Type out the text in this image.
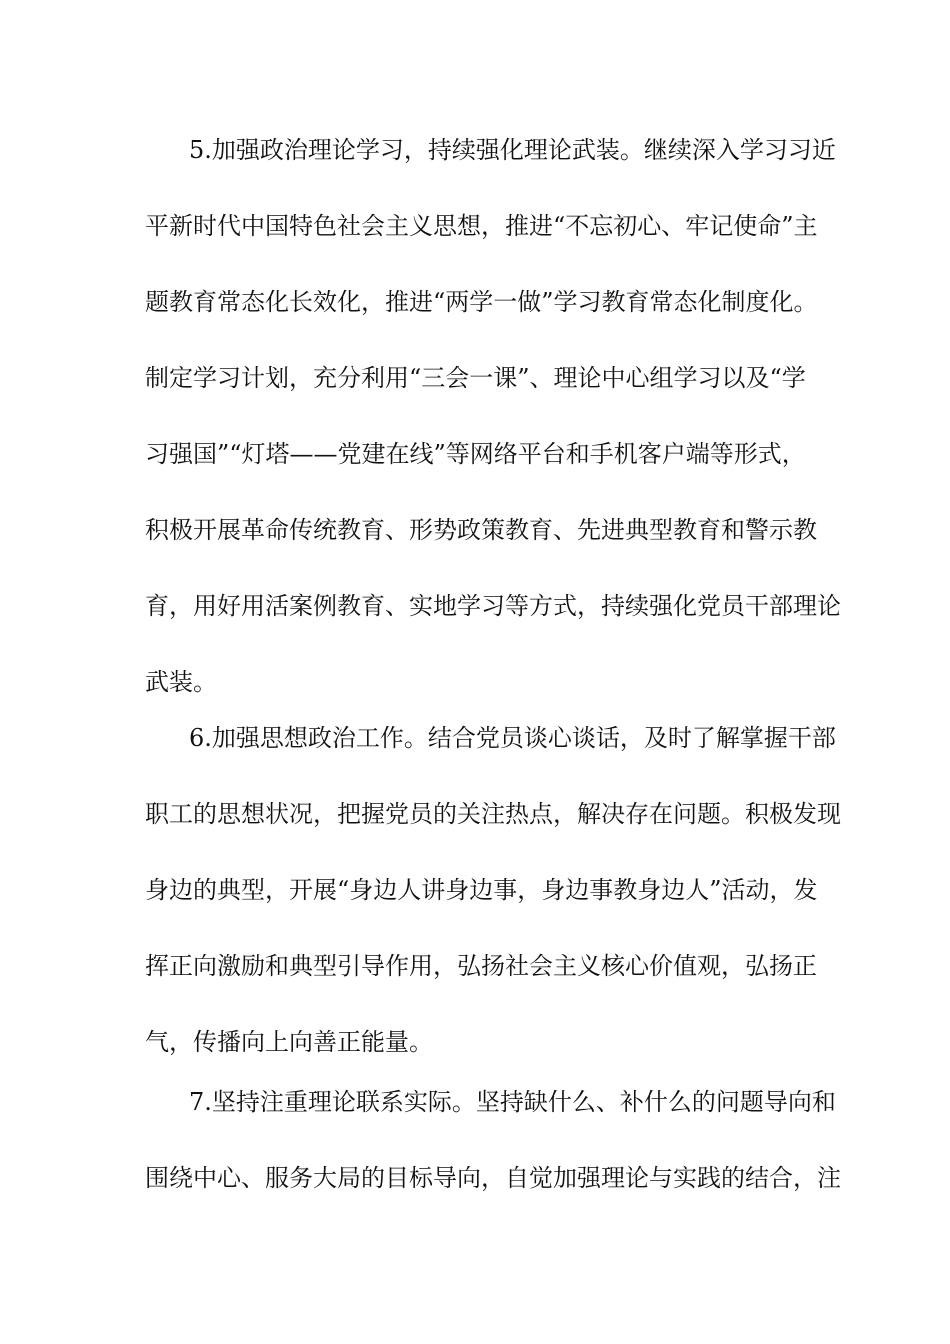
5.加强政治理论学习，持续强化理论武装。继续深入学习习近
平新时代中国特色社会主义思想，推进“不忘初心、牢记使命”主
题教育常态化长效化，推进“两学一做”学习教育常态化制度化。
制定学习计划，充分利用“三会一课”、理论中心组学习以及“学
习强国”“灯塔——党建在线”等网络平台和手机客户端等形式，
积极开展革命传统教育、形势政策教育、先进典型教育和警示教
育，用好用活案例教育、实地学习等方式，持续强化党员干部理论
武装。
6.加强思想政治工作。结合党员谈心谈话，及时了解掌握干部
职工的思想状况，把握党员的关注热点，解决存在问题。积极发现
身边的典型，开展“身边人讲身边事，身边事教身边人”活动，发
挥正向激励和典型引导作用，弘扬社会主义核心价值观，弘扬正
气，传播向上向善正能量。
7.坚持注重理论联系实际。坚持缺什么、补什么的问题导向和
围绕中心、服务大局的目标导向，自觉加强理论与实践的结合，注
